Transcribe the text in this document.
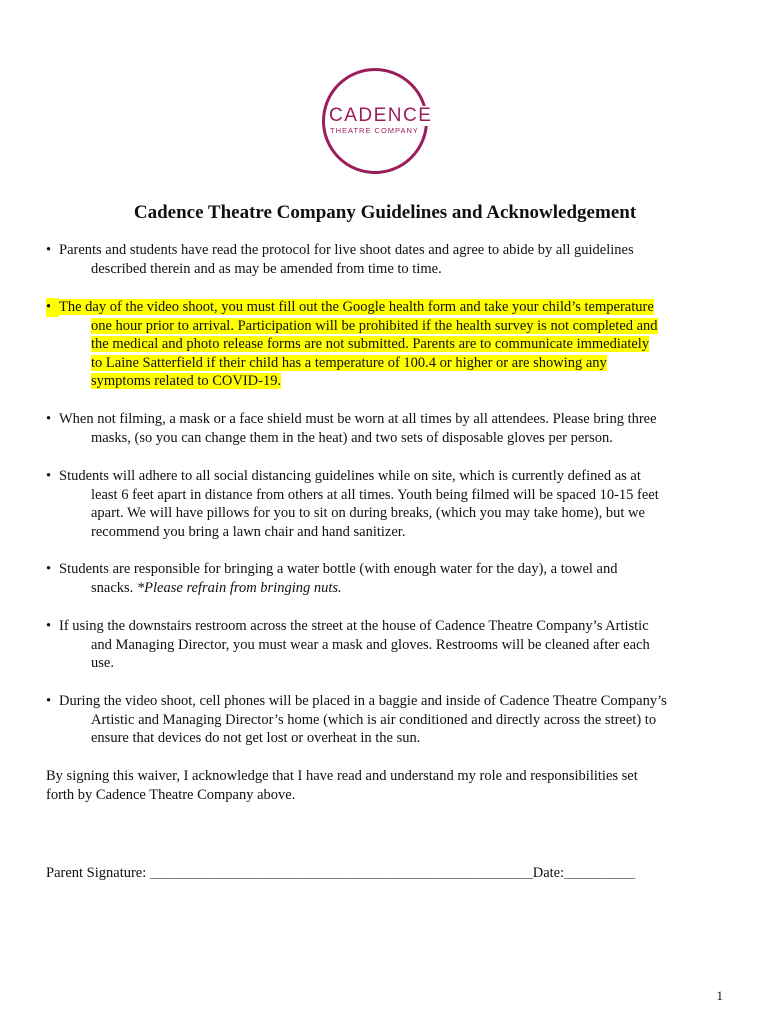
CADENCE
THEATRE COMPANY
Cadence Theatre Company Guidelines and Acknowledgement
• Parents and students have read the protocol for live shoot dates and agree to abide by all guidelines
described therein and as may be amended from time to time.
• The day of the video shoot, you must fill out the Google health form and take your child’s temperature
one hour prior to arrival. Participation will be prohibited if the health survey is not completed and
the medical and photo release forms are not submitted. Parents are to communicate immediately
to Laine Satterfield if their child has a temperature of 100.4 or higher or are showing any
symptoms related to COVID-19.
• When not filming, a mask or a face shield must be worn at all times by all attendees. Please bring three
masks, (so you can change them in the heat) and two sets of disposable gloves per person.
• Students will adhere to all social distancing guidelines while on site, which is currently defined as at
least 6 feet apart in distance from others at all times. Youth being filmed will be spaced 10-15 feet
apart. We will have pillows for you to sit on during breaks, (which you may take home), but we
recommend you bring a lawn chair and hand sanitizer.
• Students are responsible for bringing a water bottle (with enough water for the day), a towel and
snacks. *Please refrain from bringing nuts.
• If using the downstairs restroom across the street at the house of Cadence Theatre Company’s Artistic
and Managing Director, you must wear a mask and gloves. Restrooms will be cleaned after each
use.
• During the video shoot, cell phones will be placed in a baggie and inside of Cadence Theatre Company’s
Artistic and Managing Director’s home (which is air conditioned and directly across the street) to
ensure that devices do not get lost or overheat in the sun.
By signing this waiver, I acknowledge that I have read and understand my role and responsibilities set
forth by Cadence Theatre Company above.
Parent Signature: _______________________________________________________________________________________Date:________________
1
